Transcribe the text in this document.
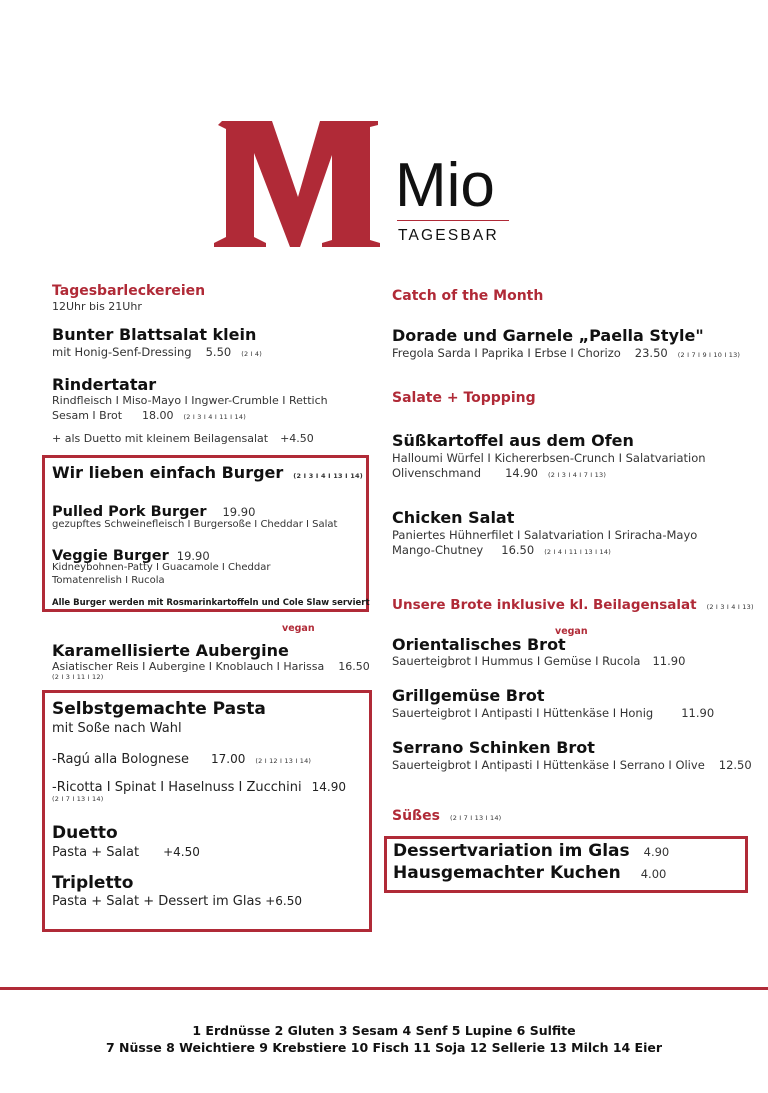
Mio
TAGESBAR
Tagesbarleckereien
12Uhr bis 21Uhr
Bunter Blattsalat klein
mit Honig-Senf-Dressing 5.50 (2 I 4)
Rindertatar
Rindfleisch I Miso-Mayo I Ingwer-Crumble I Rettich
Sesam I Brot 18.00 (2 I 3 I 4 I 11 I 14)
+ als Duetto mit kleinem Beilagensalat +4.50
Wir lieben einfach Burger (2 I 3 I 4 I 13 I 14)
Pulled Pork Burger 19.90
gezupftes Schweinefleisch I Burgersoße I Cheddar I Salat
Veggie Burger 19.90
Kidneybohnen-Patty I Guacamole I Cheddar
Tomatenrelish I Rucola
Alle Burger werden mit Rosmarinkartoffeln und Cole Slaw serviert
vegan
Karamellisierte Aubergine
Asiatischer Reis I Aubergine I Knoblauch I Harissa 16.50
(2 I 3 I 11 I 12)
Selbstgemachte Pasta
mit Soße nach Wahl
-Ragú alla Bolognese 17.00 (2 I 12 I 13 I 14)
-Ricotta I Spinat I Haselnuss I Zucchini 14.90
(2 I 7 I 13 I 14)
Duetto
Pasta + Salat +4.50
Tripletto
Pasta + Salat + Dessert im Glas +6.50
Catch of the Month
Dorade und Garnele „Paella Style"
Fregola Sarda I Paprika I Erbse I Chorizo 23.50 (2 I 7 I 9 I 10 I 13)
Salate + Toppping
Süßkartoffel aus dem Ofen
Halloumi Würfel I Kichererbsen-Crunch I Salatvariation
Olivenschmand 14.90 (2 I 3 I 4 I 7 I 13)
Chicken Salat
Paniertes Hühnerfilet I Salatvariation I Sriracha-Mayo
Mango-Chutney 16.50 (2 I 4 I 11 I 13 I 14)
Unsere Brote inklusive kl. Beilagensalat (2 I 3 I 4 I 13)
vegan
Orientalisches Brot
Sauerteigbrot I Hummus I Gemüse I Rucola 11.90
Grillgemüse Brot
Sauerteigbrot I Antipasti I Hüttenkäse I Honig 11.90
Serrano Schinken Brot
Sauerteigbrot I Antipasti I Hüttenkäse I Serrano I Olive 12.50
Süßes (2 I 7 I 13 I 14)
Dessertvariation im Glas 4.90
Hausgemachter Kuchen 4.00
1 Erdnüsse 2 Gluten 3 Sesam 4 Senf 5 Lupine 6 Sulfite
7 Nüsse 8 Weichtiere 9 Krebstiere 10 Fisch 11 Soja 12 Sellerie 13 Milch 14 Eier
